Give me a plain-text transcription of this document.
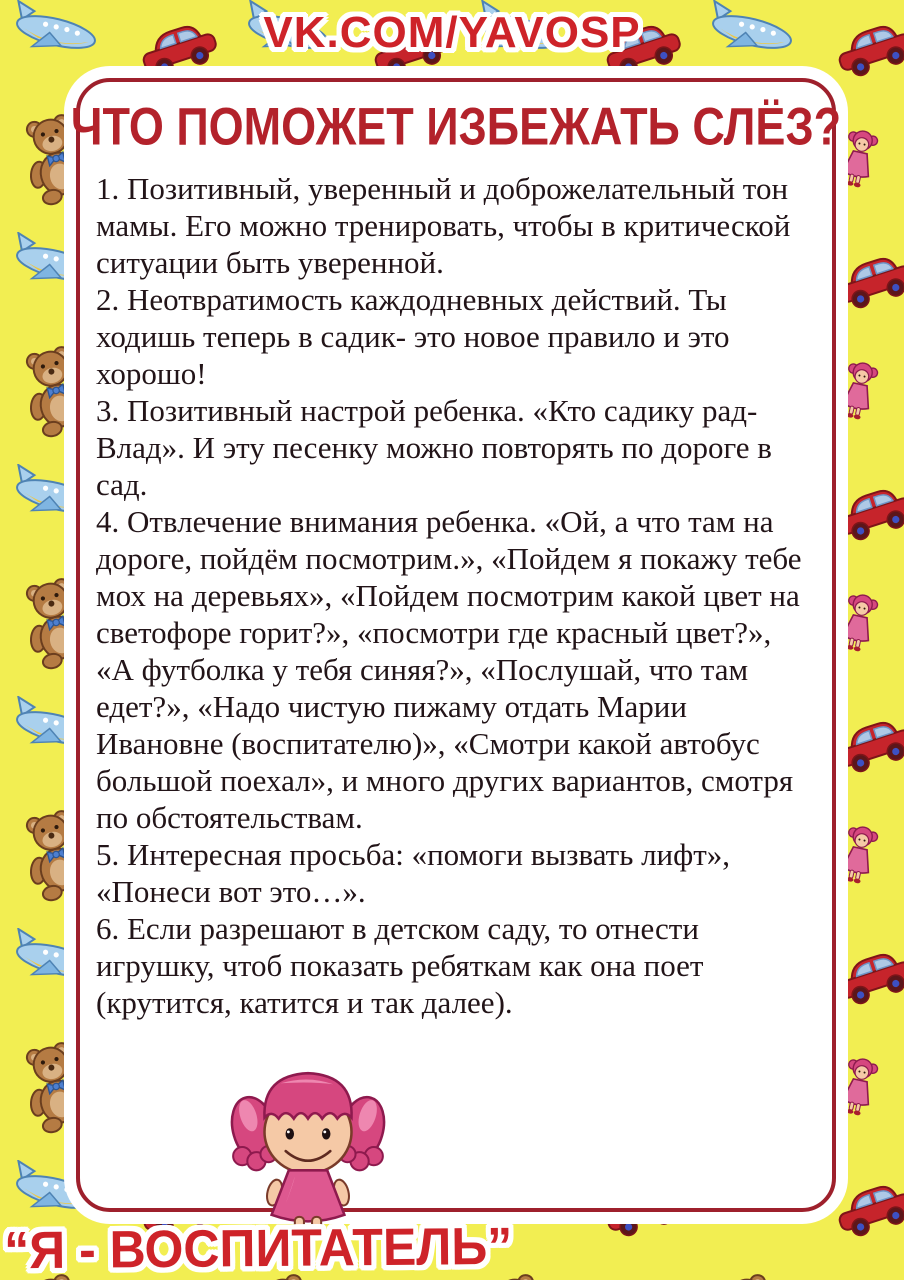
VK.COM/YAVOSP
ЧТО ПОМОЖЕТ ИЗБЕЖАТЬ СЛЁЗ?

1. Позитивный, уверенный и доброжелательный тон мамы. Его можно тренировать, чтобы в критической ситуации быть уверенной.

2. Неотвратимость каждодневных действий. Ты ходишь теперь в садик- это новое правило и это хорошо!

3. Позитивный настрой ребенка. «Кто садику рад-Влад». И эту песенку можно повторять по дороге в сад.

4. Отвлечение внимания ребенка. «Ой, а что там на дороге, пойдём посмотрим.», «Пойдем я покажу тебе мох на деревьях», «Пойдем посмотрим какой цвет на светофоре горит?», «посмотри где красный цвет?», «А футболка у тебя синяя?», «Послушай, что там едет?», «Надо чистую пижаму отдать Марии Ивановне (воспитателю)», «Смотри какой автобус большой поехал», и много других вариантов, смотря по обстоятельствам.

5. Интересная просьба: «помоги вызвать лифт», «Понеси вот это…».

6. Если разрешают в детском саду, то отнести игрушку, чтоб показать ребяткам как она поет (крутится, катится и так далее).

“Я - ВОСПИТАТЕЛЬ”
